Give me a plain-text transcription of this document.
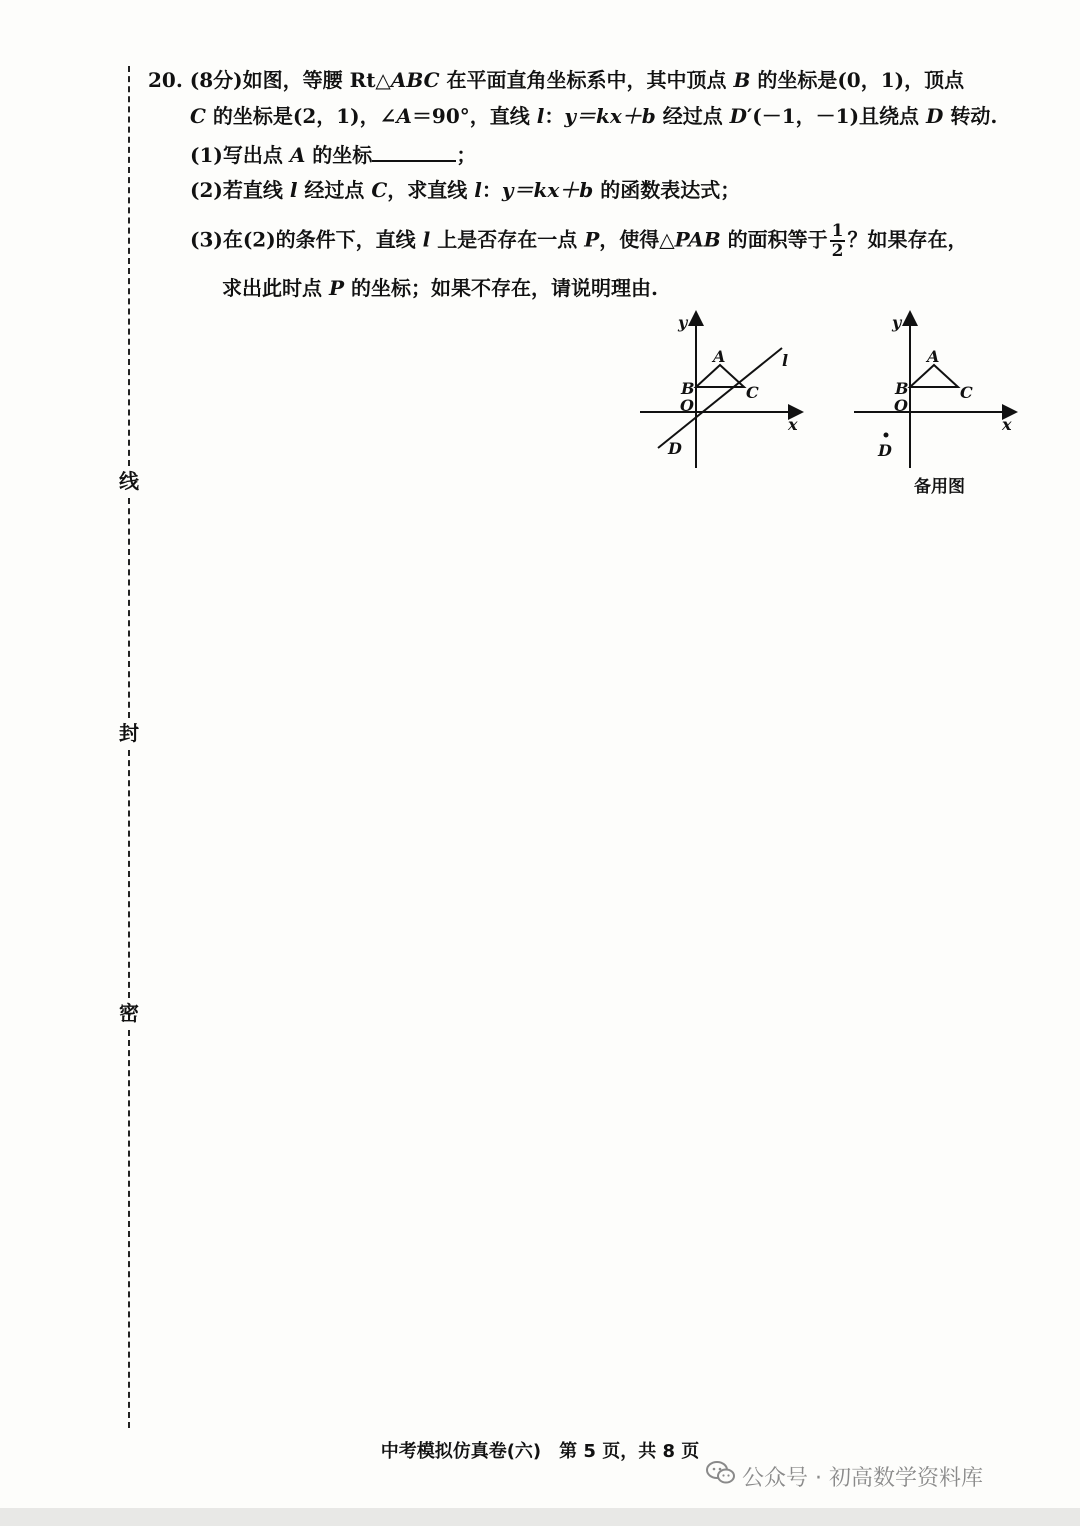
线
封
密
20. (8分)如图，等腰 Rt△ABC 在平面直角坐标系中，其中顶点 B 的坐标是(0，1)，顶点
C 的坐标是(2，1)，∠A＝90°，直线 l：y＝kx＋b 经过点 D′(－1，－1)且绕点 D 转动.
(1)写出点 A 的坐标	；
(2)若直线 l 经过点 C，求直线 l：y＝kx＋b 的函数表达式；
(3)在(2)的条件下，直线 l 上是否存在一点 P，使得△PAB 的面积等于 $\frac{1}{2}$ ？如果存在，
求出此时点 P 的坐标；如果不存在，请说明理由.
y
x
A
B	C
O
D
l
y
x
A
B	C
O
D
备用图
中考模拟仿真卷(六)　第 5 页，共 8 页
公众号 · 初高数学资料库
